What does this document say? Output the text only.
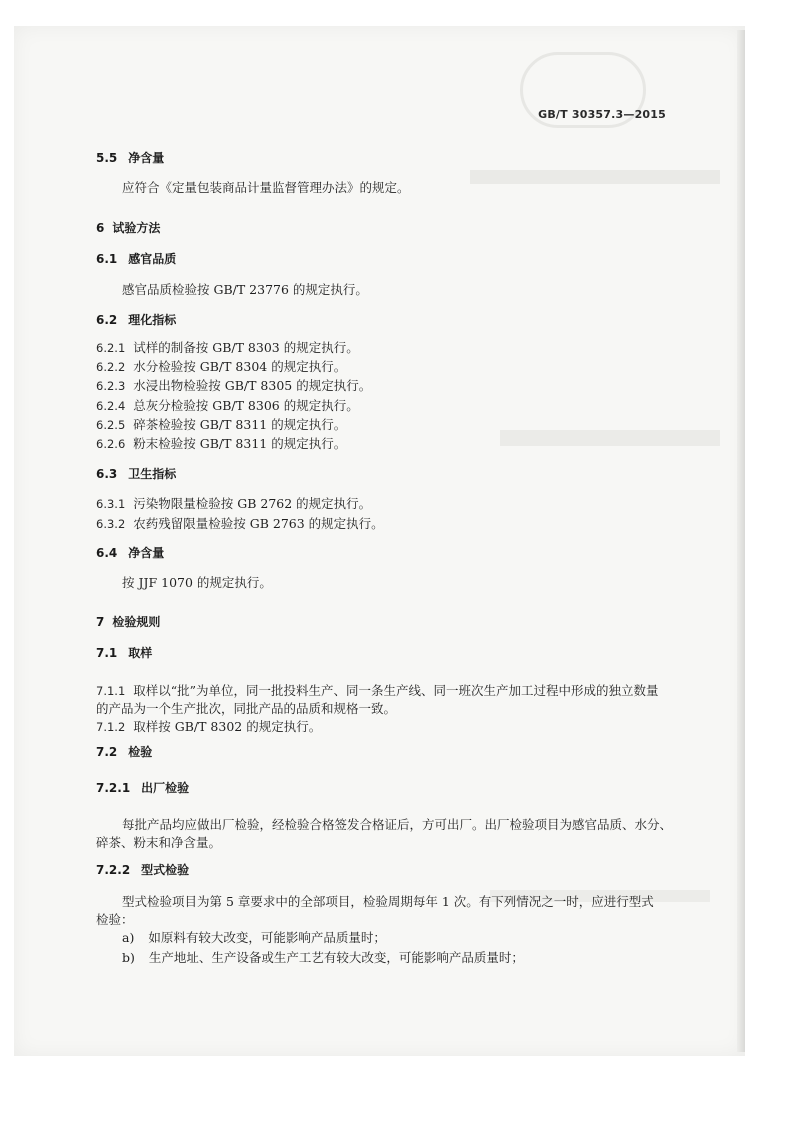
GB/T 30357.3—2015
5.5 净含量
应符合《定量包装商品计量监督管理办法》的规定。
6 试验方法
6.1 感官品质
感官品质检验按 GB/T 23776 的规定执行。
6.2 理化指标
6.2.1 试样的制备按 GB/T 8303 的规定执行。
6.2.2 水分检验按 GB/T 8304 的规定执行。
6.2.3 水浸出物检验按 GB/T 8305 的规定执行。
6.2.4 总灰分检验按 GB/T 8306 的规定执行。
6.2.5 碎茶检验按 GB/T 8311 的规定执行。
6.2.6 粉末检验按 GB/T 8311 的规定执行。
6.3 卫生指标
6.3.1 污染物限量检验按 GB 2762 的规定执行。
6.3.2 农药残留限量检验按 GB 2763 的规定执行。
6.4 净含量
按 JJF 1070 的规定执行。
7 检验规则
7.1 取样
7.1.1 取样以“批”为单位，同一批投料生产、同一条生产线、同一班次生产加工过程中形成的独立数量
的产品为一个生产批次，同批产品的品质和规格一致。
7.1.2 取样按 GB/T 8302 的规定执行。
7.2 检验
7.2.1 出厂检验
每批产品均应做出厂检验，经检验合格签发合格证后，方可出厂。出厂检验项目为感官品质、水分、
碎茶、粉末和净含量。
7.2.2 型式检验
型式检验项目为第 5 章要求中的全部项目，检验周期每年 1 次。有下列情况之一时，应进行型式
检验：
a) 如原料有较大改变，可能影响产品质量时；
b) 生产地址、生产设备或生产工艺有较大改变，可能影响产品质量时；
